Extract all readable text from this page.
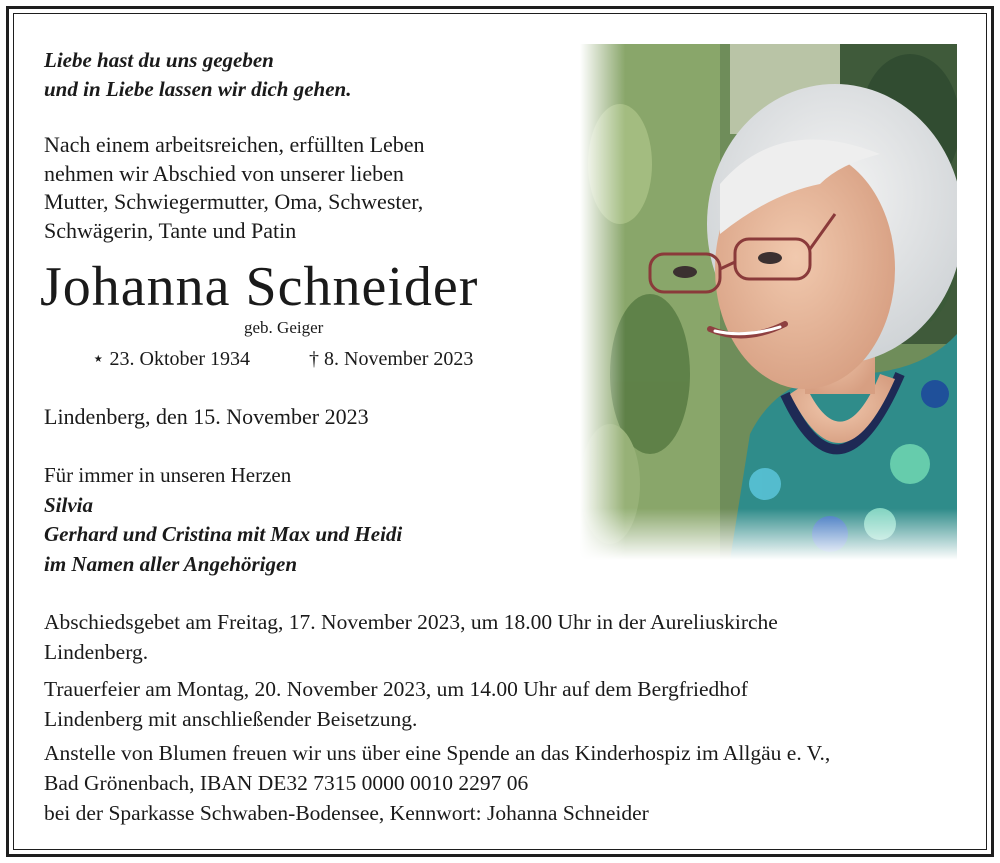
Liebe hast du uns gegeben
und in Liebe lassen wir dich gehen.
Nach einem arbeitsreichen, erfüllten Leben
nehmen wir Abschied von unserer lieben
Mutter, Schwiegermutter, Oma, Schwester,
Schwägerin, Tante und Patin
Johanna Schneider
geb. Geiger
⋆ 23. Oktober 1934	† 8. November 2023
Lindenberg, den 15. November 2023
Für immer in unseren Herzen
Silvia
Gerhard und Cristina mit Max und Heidi
im Namen aller Angehörigen
Abschiedsgebet am Freitag, 17. November 2023, um 18.00 Uhr in der Aureliuskirche
Lindenberg.
Trauerfeier am Montag, 20. November 2023, um 14.00 Uhr auf dem Bergfriedhof
Lindenberg mit anschließender Beisetzung.
Anstelle von Blumen freuen wir uns über eine Spende an das Kinderhospiz im Allgäu e. V.,
Bad Grönenbach, IBAN DE32 7315 0000 0010 2297 06
bei der Sparkasse Schwaben-Bodensee, Kennwort: Johanna Schneider
